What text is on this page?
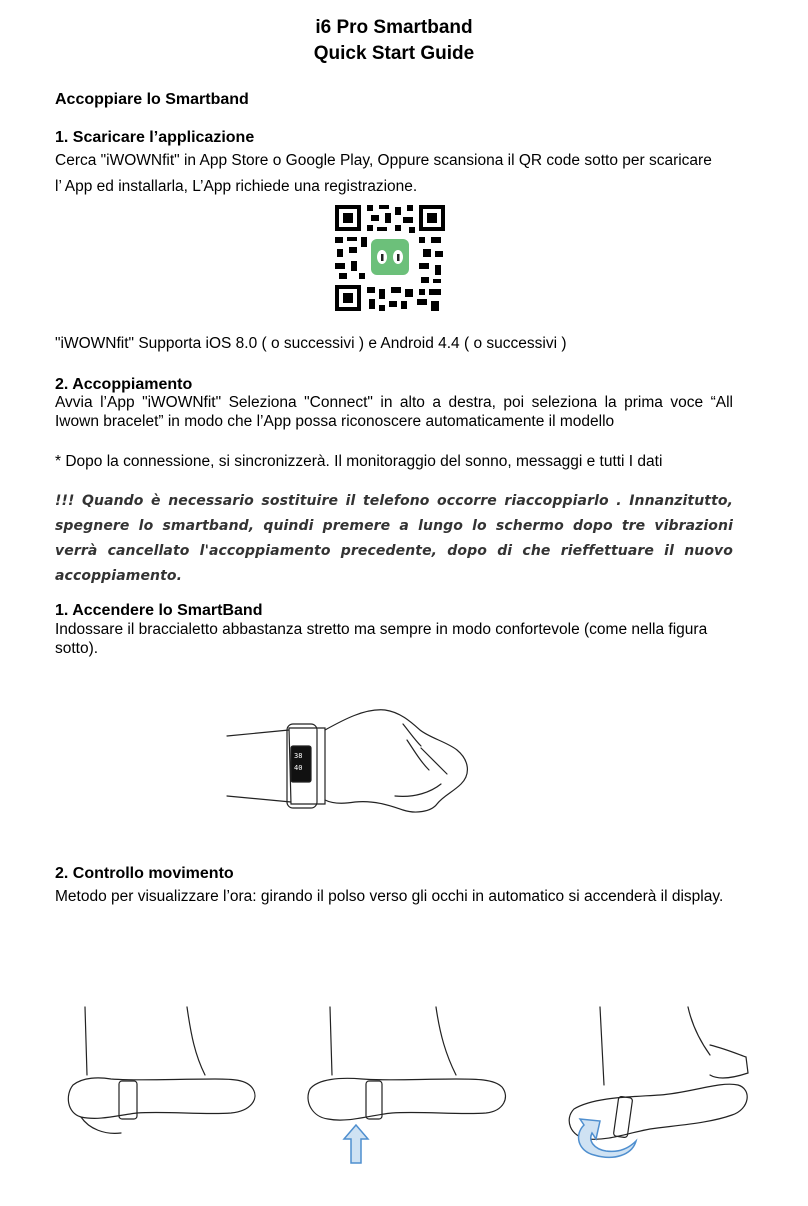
i6 Pro Smartband
Quick Start Guide
Accoppiare lo Smartband
1. Scaricare l’applicazione
Cerca "iWOWNfit" in App Store o Google Play, Oppure scansiona il QR code sotto per scaricare
l’ App ed installarla, L’App richiede una registrazione.
"iWOWNfit" Supporta iOS 8.0 ( o successivi ) e Android 4.4 ( o successivi )
2. Accoppiamento
Avvia l’App "iWOWNfit" Seleziona "Connect" in alto a destra, poi seleziona la prima voce “All Iwown bracelet” in modo che l’App possa riconoscere automaticamente il modello
* Dopo la connessione, si sincronizzerà. Il monitoraggio del sonno, messaggi e tutti I dati
!!! Quando è necessario sostituire il telefono occorre riaccoppiarlo . Innanzitutto, spegnere lo smartband, quindi premere a lungo lo schermo dopo tre vibrazioni verrà cancellato l'accoppiamento precedente, dopo di che rieffettuare il nuovo accoppiamento.
1. Accendere lo SmartBand
Indossare il braccialetto abbastanza stretto ma sempre in modo confortevole (come nella figura sotto).
38
40
2. Controllo movimento
Metodo per visualizzare l’ora: girando il polso verso gli occhi in automatico si accenderà il display.
